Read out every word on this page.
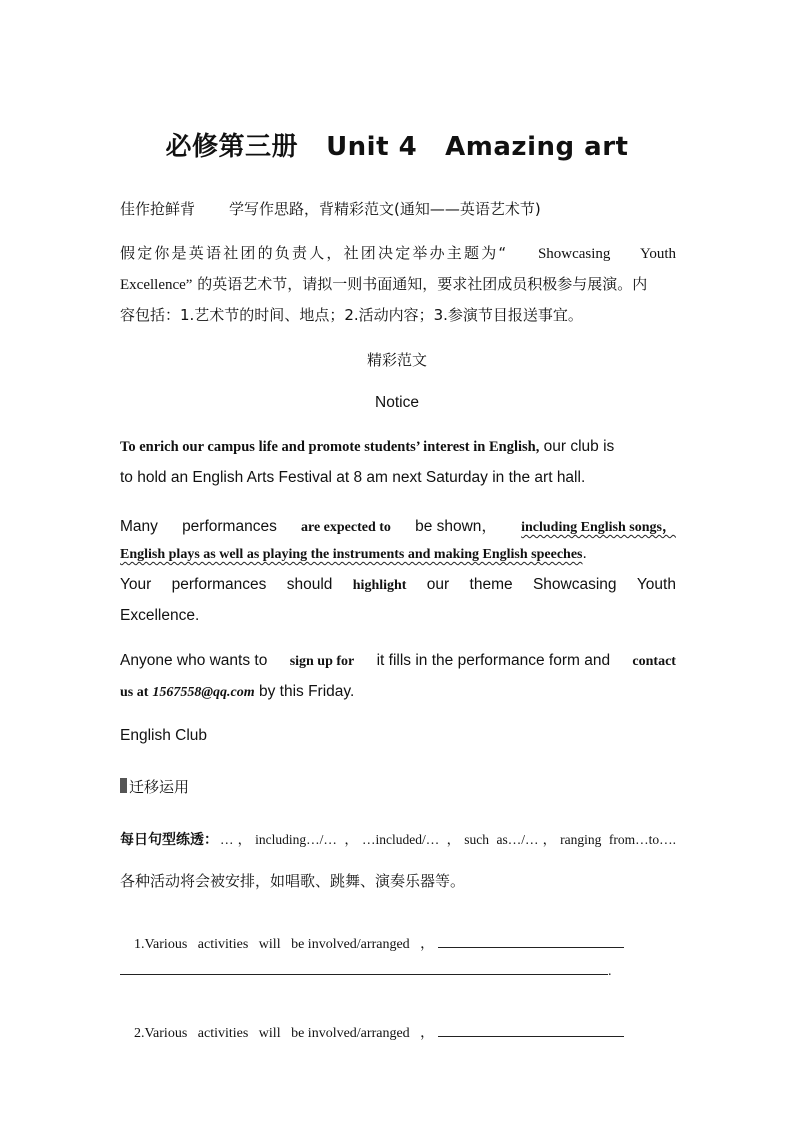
必修第三册 Unit 4 Amazing art
佳作抢鲜背 学写作思路，背精彩范文(通知——英语艺术节)
假定你是英语社团的负责人，社团决定举办主题为“ Showcasing Youth
Excellence” 的英语艺术节，请拟一则书面通知，要求社团成员积极参与展演。内
容包括：1.艺术节的时间、地点；2.活动内容；3.参演节目报送事宜。
精彩范文
Notice
To enrich our campus life and promote students’ interest in English, our club is
to hold an English Arts Festival at 8 am next Saturday in the art hall.
Many performances are expected to be shown， including English songs，
English plays as well as playing the instruments and making English speeches.
Your performances should highlight our theme Showcasing Youth
Excellence.
Anyone who wants to sign up for it fills in the performance form and contact
us at 1567558@qq.com by this Friday.
English Club
迁移运用
每日句型练透： …，including…/… ，…included/… ，such as…/…，ranging from…to….
各种活动将会被安排，如唱歌、跳舞、演奏乐器等。

1.Various   activities   will   be involved/arranged   ，

.

2.Various   activities   will   be involved/arranged   ，
